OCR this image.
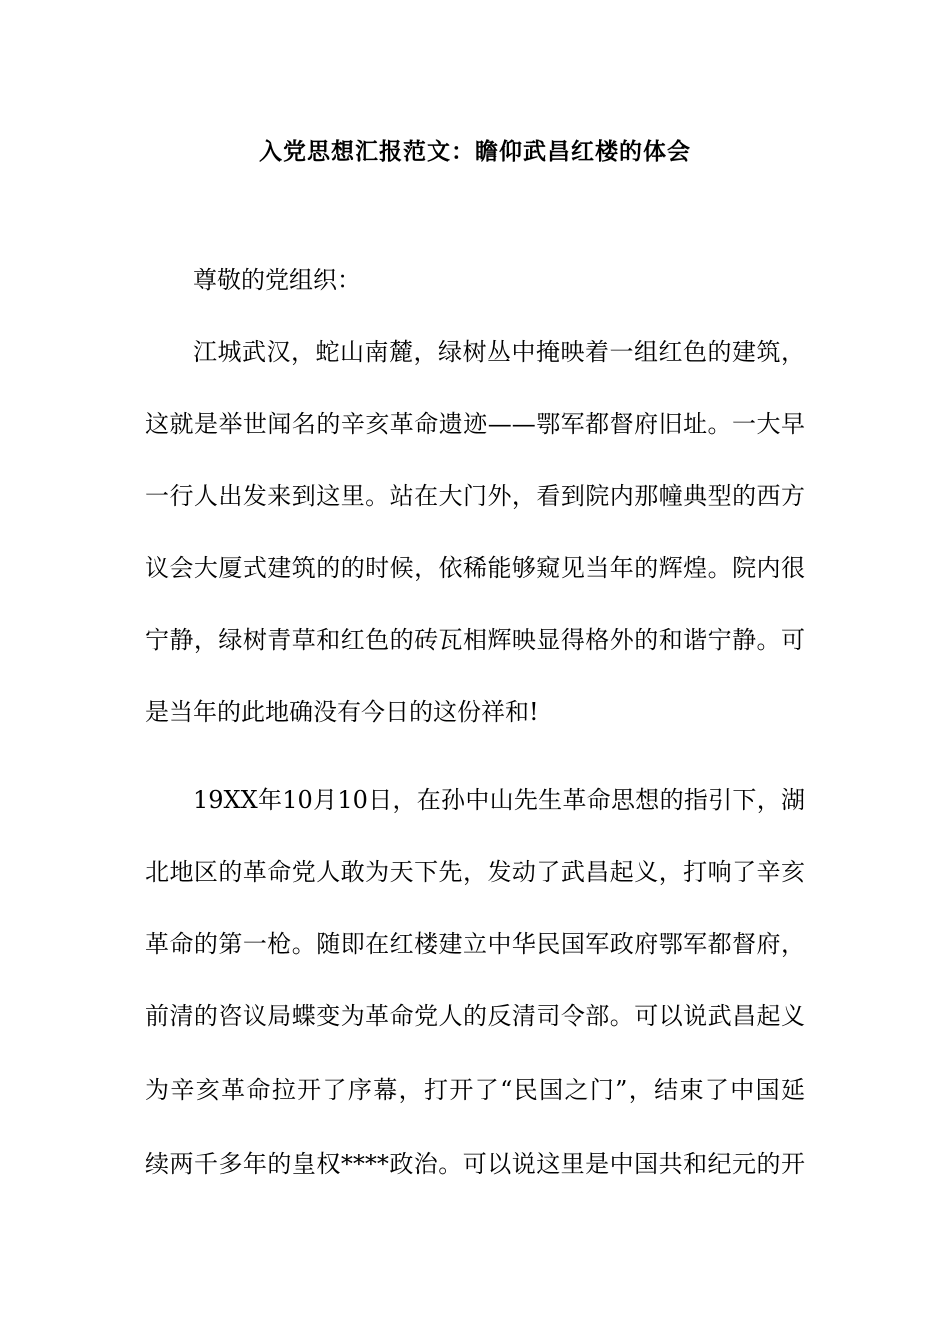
入党思想汇报范文：瞻仰武昌红楼的体会

尊敬的党组织：

江城武汉，蛇山南麓，绿树丛中掩映着一组红色的建筑，

这就是举世闻名的辛亥革命遗迹——鄂军都督府旧址。一大早

一行人出发来到这里。站在大门外，看到院内那幢典型的西方

议会大厦式建筑的的时候，依稀能够窥见当年的辉煌。院内很

宁静，绿树青草和红色的砖瓦相辉映显得格外的和谐宁静。可

是当年的此地确没有今日的这份祥和!

19XX年10月10日，在孙中山先生革命思想的指引下，湖

北地区的革命党人敢为天下先，发动了武昌起义，打响了辛亥

革命的第一枪。随即在红楼建立中华民国军政府鄂军都督府，

前清的咨议局蝶变为革命党人的反清司令部。可以说武昌起义

为辛亥革命拉开了序幕，打开了“民国之门”，结束了中国延

续两千多年的皇权****政治。可以说这里是中国共和纪元的开
